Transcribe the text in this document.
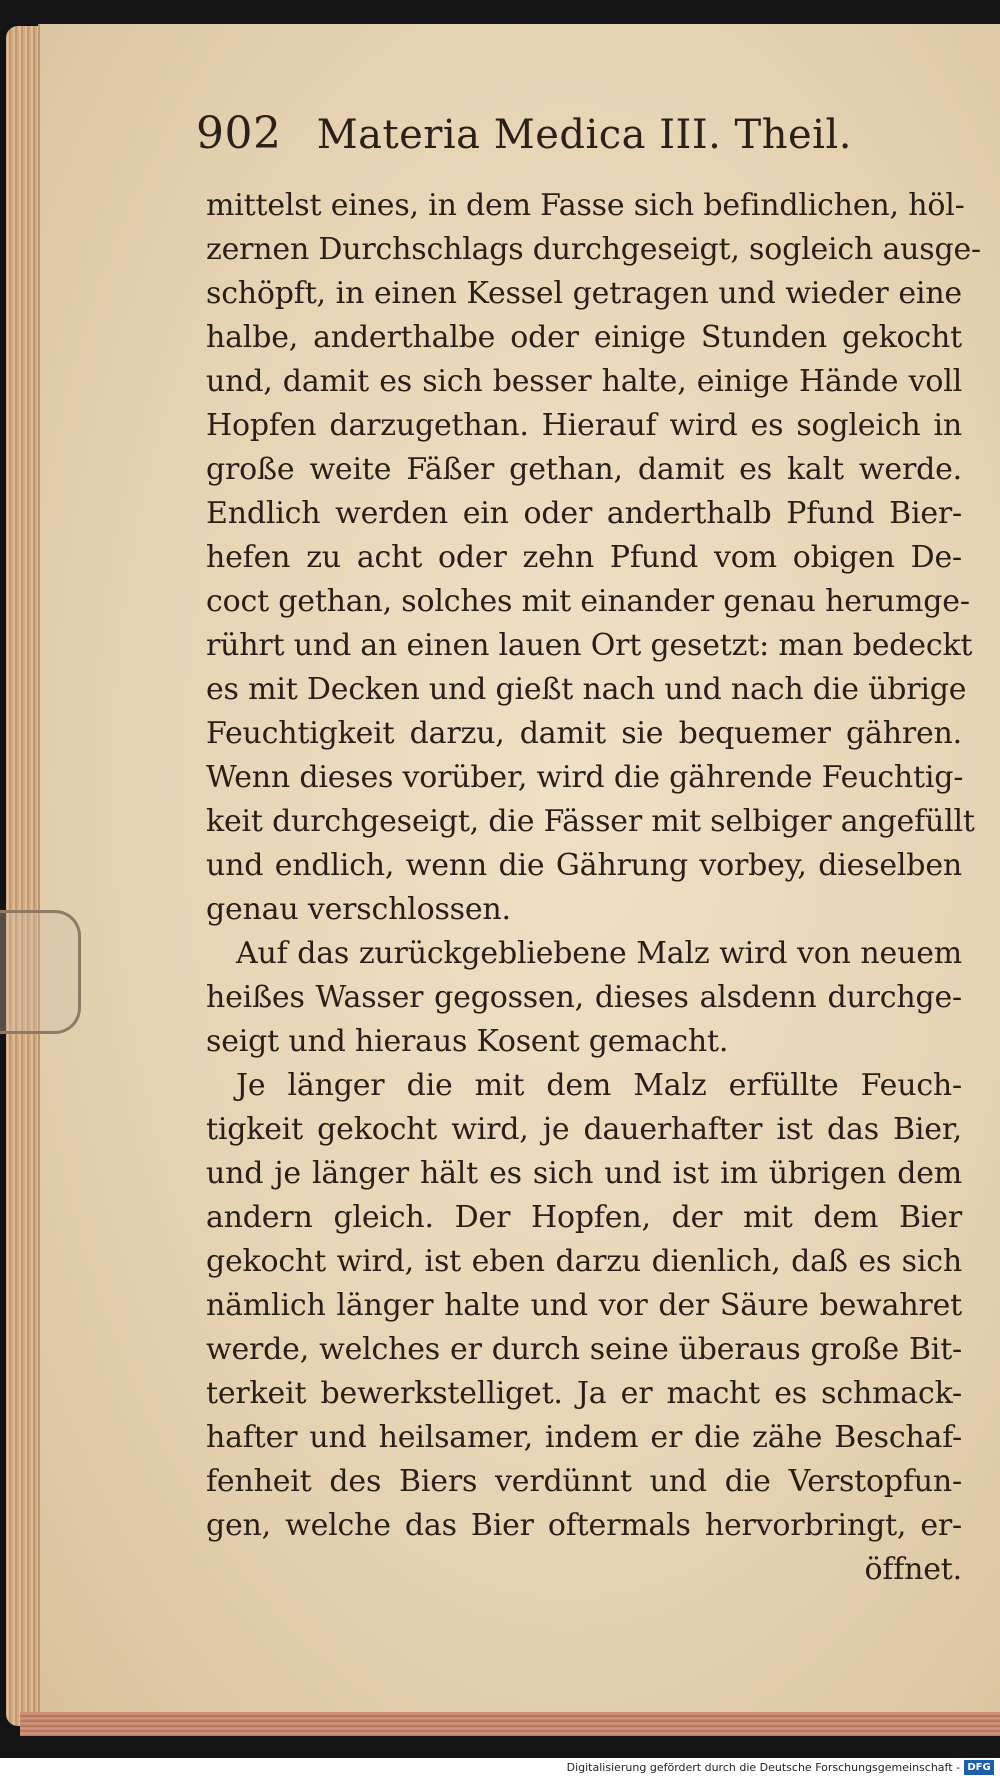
902 Materia Medica III. Theil.
mittelst eines, in dem Fasse sich befindlichen, höl-
zernen Durchschlags durchgeseigt, sogleich ausge-
schöpft, in einen Kessel getragen und wieder eine
halbe, anderthalbe oder einige Stunden gekocht
und, damit es sich besser halte, einige Hände voll
Hopfen darzugethan. Hierauf wird es sogleich in
große weite Fäßer gethan, damit es kalt werde.
Endlich werden ein oder anderthalb Pfund Bier-
hefen zu acht oder zehn Pfund vom obigen De-
coct gethan, solches mit einander genau herumge-
rührt und an einen lauen Ort gesetzt: man bedeckt
es mit Decken und gießt nach und nach die übrige
Feuchtigkeit darzu, damit sie bequemer gähren.
Wenn dieses vorüber, wird die gährende Feuchtig-
keit durchgeseigt, die Fässer mit selbiger angefüllt
und endlich, wenn die Gährung vorbey, dieselben
genau verschlossen.
Auf das zurückgebliebene Malz wird von neuem
heißes Wasser gegossen, dieses alsdenn durchge-
seigt und hieraus Kosent gemacht.
Je länger die mit dem Malz erfüllte Feuch-
tigkeit gekocht wird, je dauerhafter ist das Bier,
und je länger hält es sich und ist im übrigen dem
andern gleich. Der Hopfen, der mit dem Bier
gekocht wird, ist eben darzu dienlich, daß es sich
nämlich länger halte und vor der Säure bewahret
werde, welches er durch seine überaus große Bit-
terkeit bewerkstelliget. Ja er macht es schmack-
hafter und heilsamer, indem er die zähe Beschaf-
fenheit des Biers verdünnt und die Verstopfun-
gen, welche das Bier oftermals hervorbringt, er-
öffnet.
Digitalisierung gefördert durch die Deutsche Forschungsgemeinschaft - DFG
